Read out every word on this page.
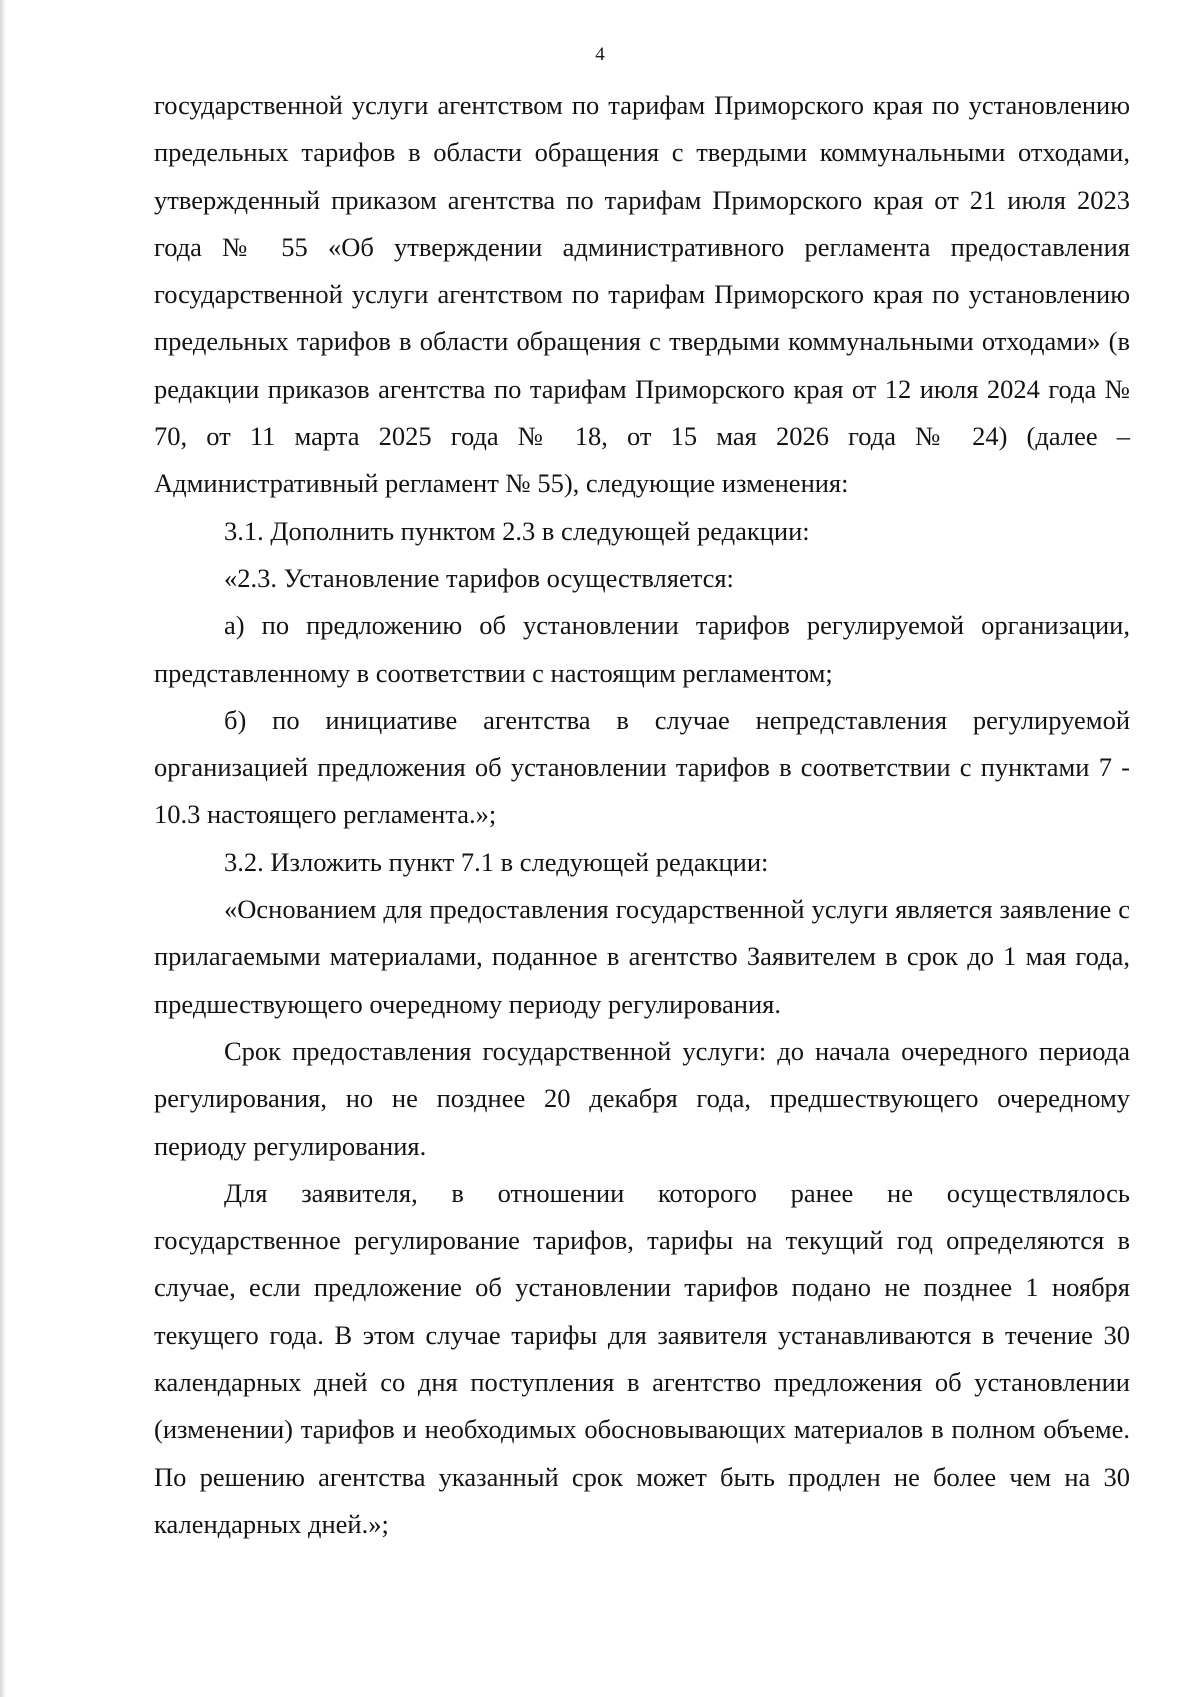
4

государственной услуги агентством по тарифам Приморского края по установлению предельных тарифов в области обращения с твердыми коммунальными отходами, утвержденный приказом агентства по тарифам Приморского края от 21 июля 2023 года № 55 «Об утверждении административного регламента предоставления государственной услуги агентством по тарифам Приморского края по установлению предельных тарифов в области обращения с твердыми коммунальными отходами» (в редакции приказов агентства по тарифам Приморского края от 12 июля 2024 года № 70, от 11 марта 2025 года № 18, от 15 мая 2026 года № 24) (далее – Административный регламент № 55), следующие изменения:

3.1. Дополнить пунктом 2.3 в следующей редакции:

«2.3. Установление тарифов осуществляется:

а) по предложению об установлении тарифов регулируемой организации, представленному в соответствии с настоящим регламентом;

б) по инициативе агентства в случае непредставления регулируемой организацией предложения об установлении тарифов в соответствии с пунктами 7 - 10.3 настоящего регламента.»;

3.2. Изложить пункт 7.1 в следующей редакции:

«Основанием для предоставления государственной услуги является заявление с прилагаемыми материалами, поданное в агентство Заявителем в срок до 1 мая года, предшествующего очередному периоду регулирования.

Срок предоставления государственной услуги: до начала очередного периода регулирования, но не позднее 20 декабря года, предшествующего очередному периоду регулирования.

Для заявителя, в отношении которого ранее не осуществлялось государственное регулирование тарифов, тарифы на текущий год определяются в случае, если предложение об установлении тарифов подано не позднее 1 ноября текущего года. В этом случае тарифы для заявителя устанавливаются в течение 30 календарных дней со дня поступления в агентство предложения об установлении (изменении) тарифов и необходимых обосновывающих материалов в полном объеме. По решению агентства указанный срок может быть продлен не более чем на 30 календарных дней.»;
